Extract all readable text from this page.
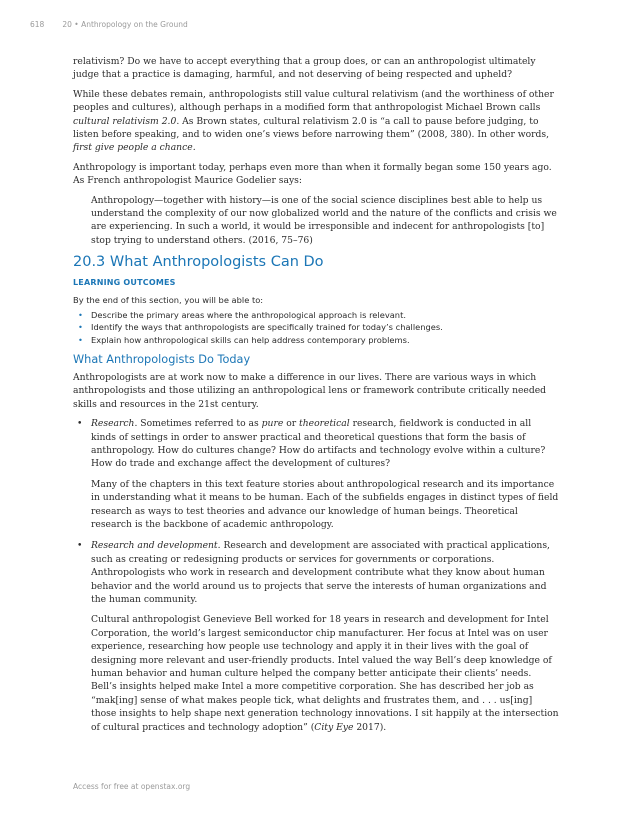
618 20 • Anthropology on the Ground

relativism? Do we have to accept everything that a group does, or can an anthropologist ultimately judge that a practice is damaging, harmful, and not deserving of being respected and upheld?

While these debates remain, anthropologists still value cultural relativism (and the worthiness of other peoples and cultures), although perhaps in a modified form that anthropologist Michael Brown calls cultural relativism 2.0. As Brown states, cultural relativism 2.0 is “a call to pause before judging, to listen before speaking, and to widen one’s views before narrowing them” (2008, 380). In other words, first give people a chance.

Anthropology is important today, perhaps even more than when it formally began some 150 years ago. As French anthropologist Maurice Godelier says:

Anthropology—together with history—is one of the social science disciplines best able to help us understand the complexity of our now globalized world and the nature of the conflicts and crisis we are experiencing. In such a world, it would be irresponsible and indecent for anthropologists [to] stop trying to understand others. (2016, 75–76)

20.3 What Anthropologists Can Do
LEARNING OUTCOMES

By the end of this section, you will be able to:

• Describe the primary areas where the anthropological approach is relevant.
• Identify the ways that anthropologists are specifically trained for today’s challenges.
• Explain how anthropological skills can help address contemporary problems.
What Anthropologists Do Today

Anthropologists are at work now to make a difference in our lives. There are various ways in which anthropologists and those utilizing an anthropological lens or framework contribute critically needed skills and resources in the 21st century.

• Research. Sometimes referred to as pure or theoretical research, fieldwork is conducted in all kinds of settings in order to answer practical and theoretical questions that form the basis of anthropology. How do cultures change? How do artifacts and technology evolve within a culture? How do trade and exchange affect the development of cultures?

Many of the chapters in this text feature stories about anthropological research and its importance in understanding what it means to be human. Each of the subfields engages in distinct types of field research as ways to test theories and advance our knowledge of human beings. Theoretical research is the backbone of academic anthropology.

• Research and development. Research and development are associated with practical applications, such as creating or redesigning products or services for governments or corporations. Anthropologists who work in research and development contribute what they know about human behavior and the world around us to projects that serve the interests of human organizations and the human community.

Cultural anthropologist Genevieve Bell worked for 18 years in research and development for Intel Corporation, the world’s largest semiconductor chip manufacturer. Her focus at Intel was on user experience, researching how people use technology and apply it in their lives with the goal of designing more relevant and user-friendly products. Intel valued the way Bell’s deep knowledge of human behavior and human culture helped the company better anticipate their clients’ needs. Bell’s insights helped make Intel a more competitive corporation. She has described her job as “mak[ing] sense of what makes people tick, what delights and frustrates them, and . . . us[ing] those insights to help shape next generation technology innovations. I sit happily at the intersection of cultural practices and technology adoption” (City Eye 2017).

Access for free at openstax.org
